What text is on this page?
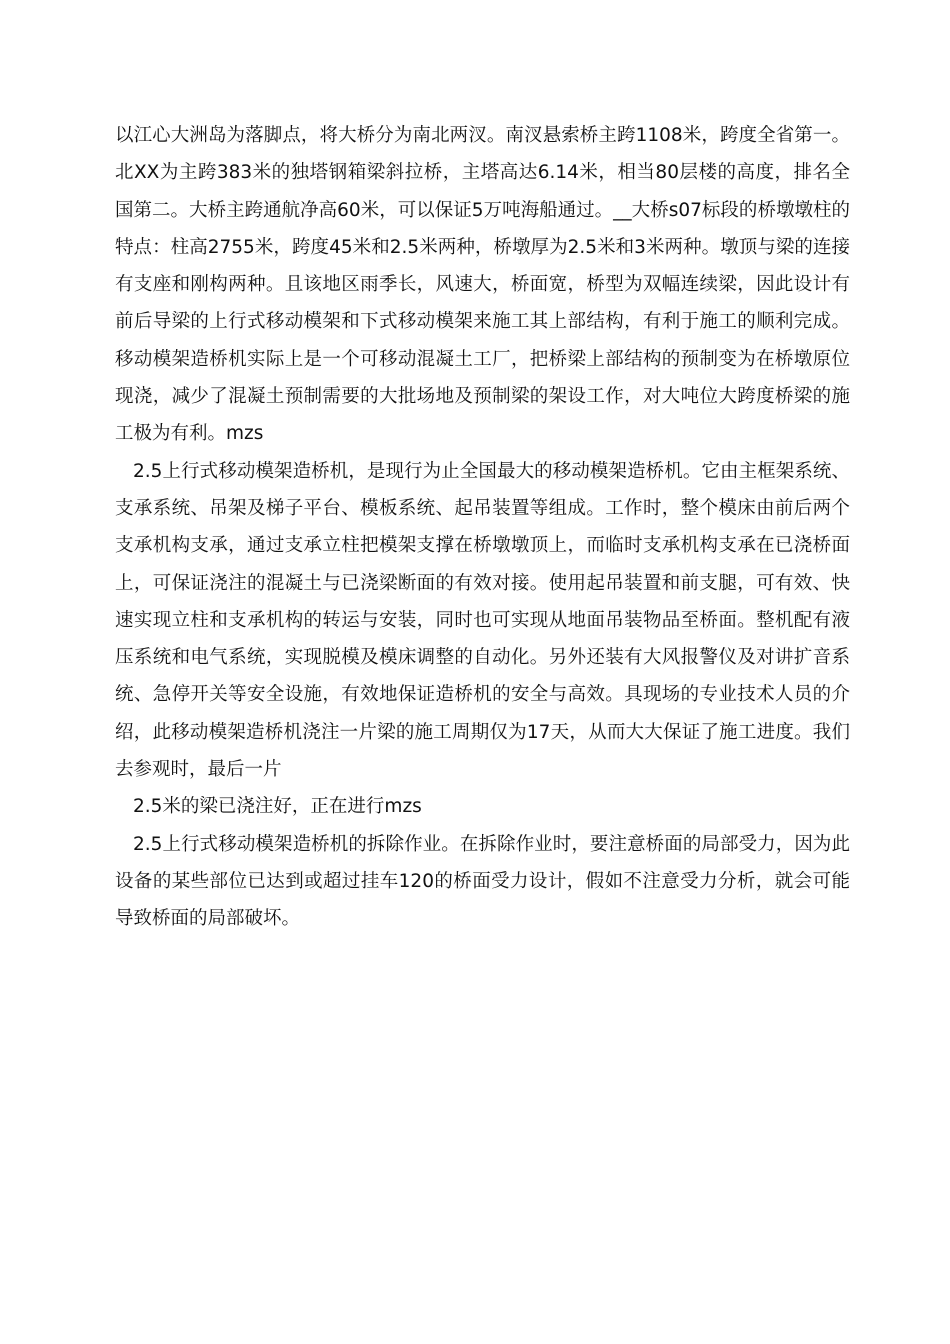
以江心大洲岛为落脚点，将大桥分为南北两汊。南汊悬索桥主跨1108米，跨度全省第一。北XX为主跨383米的独塔钢箱梁斜拉桥，主塔高达6.14米，相当80层楼的高度，排名全国第二。大桥主跨通航净高60米，可以保证5万吨海船通过。__大桥s07标段的桥墩墩柱的特点：柱高2755米，跨度45米和2.5米两种，桥墩厚为2.5米和3米两种。墩顶与梁的连接有支座和刚构两种。且该地区雨季长，风速大，桥面宽，桥型为双幅连续梁，因此设计有前后导梁的上行式移动模架和下式移动模架来施工其上部结构，有利于施工的顺利完成。移动模架造桥机实际上是一个可移动混凝土工厂，把桥梁上部结构的预制变为在桥墩原位现浇，减少了混凝土预制需要的大批场地及预制梁的架设工作，对大吨位大跨度桥梁的施工极为有利。mzs

2.5上行式移动模架造桥机，是现行为止全国最大的移动模架造桥机。它由主框架系统、支承系统、吊架及梯子平台、模板系统、起吊装置等组成。工作时，整个模床由前后两个支承机构支承，通过支承立柱把模架支撑在桥墩墩顶上，而临时支承机构支承在已浇桥面上，可保证浇注的混凝土与已浇梁断面的有效对接。使用起吊装置和前支腿，可有效、快速实现立柱和支承机构的转运与安装，同时也可实现从地面吊装物品至桥面。整机配有液压系统和电气系统，实现脱模及模床调整的自动化。另外还装有大风报警仪及对讲扩音系统、急停开关等安全设施，有效地保证造桥机的安全与高效。具现场的专业技术人员的介绍，此移动模架造桥机浇注一片梁的施工周期仅为17天，从而大大保证了施工进度。我们去参观时，最后一片

2.5米的梁已浇注好，正在进行mzs

2.5上行式移动模架造桥机的拆除作业。在拆除作业时，要注意桥面的局部受力，因为此设备的某些部位已达到或超过挂车120的桥面受力设计，假如不注意受力分析，就会可能导致桥面的局部破坏。
